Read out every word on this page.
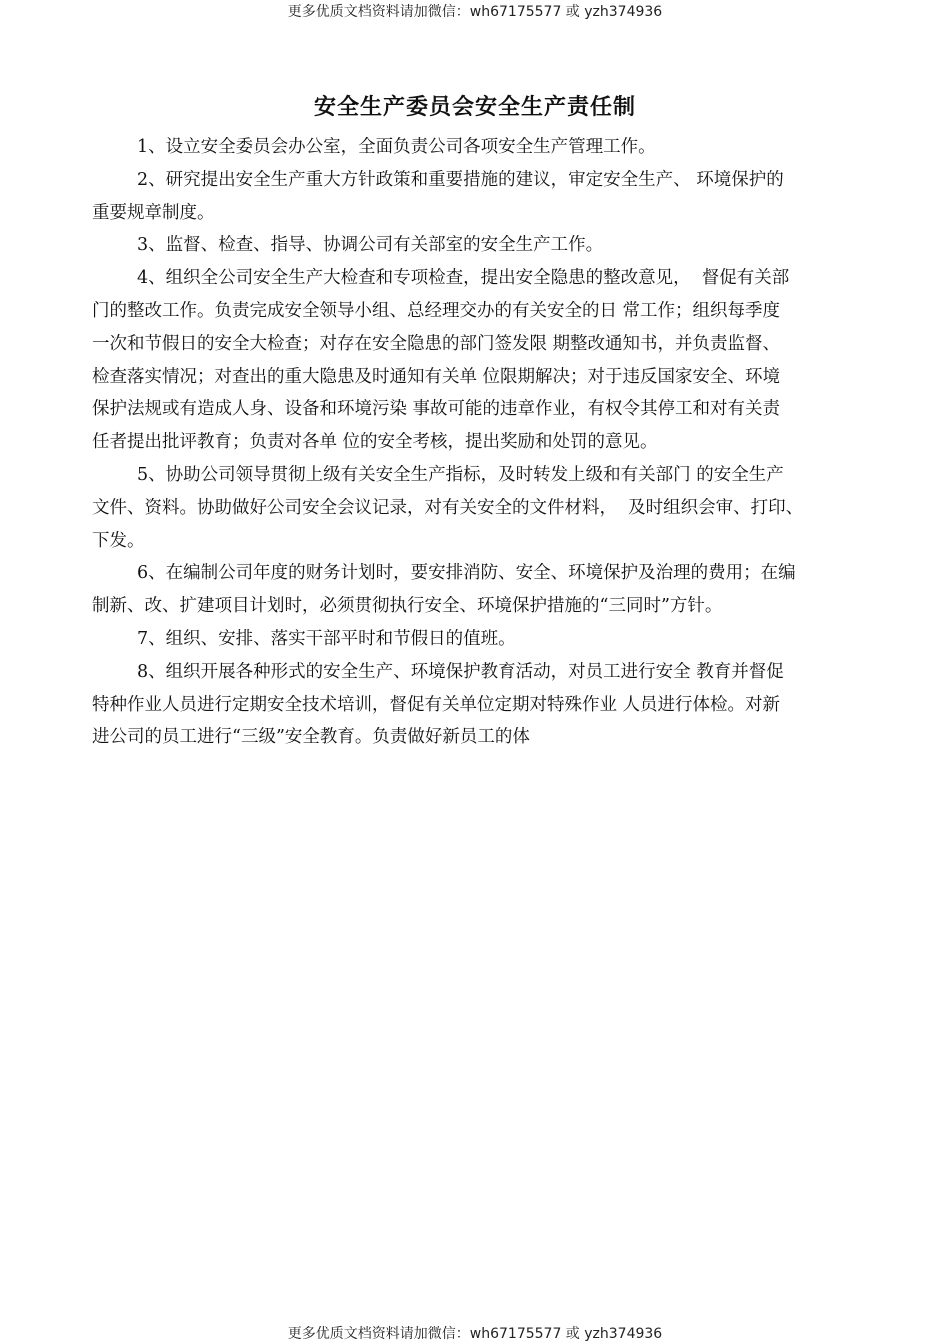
更多优质文档资料请加微信：wh67175577 或 yzh374936
安全生产委员会安全生产责任制
1、设立安全委员会办公室，全面负责公司各项安全生产管理工作。
2、研究提出安全生产重大方针政策和重要措施的建议，审定安全生产、 环境保护的
重要规章制度。
3、监督、检查、指导、协调公司有关部室的安全生产工作。
4、组织全公司安全生产大检查和专项检查，提出安全隐患的整改意见，  督促有关部
门的整改工作。负责完成安全领导小组、总经理交办的有关安全的日 常工作；组织每季度
一次和节假日的安全大检查；对存在安全隐患的部门签发限 期整改通知书，并负责监督、
检查落实情况；对查出的重大隐患及时通知有关单 位限期解决；对于违反国家安全、环境
保护法规或有造成人身、设备和环境污染 事故可能的违章作业，有权令其停工和对有关责
任者提出批评教育；负责对各单 位的安全考核，提出奖励和处罚的意见。
5、协助公司领导贯彻上级有关安全生产指标，及时转发上级和有关部门 的安全生产
文件、资料。协助做好公司安全会议记录，对有关安全的文件材料，  及时组织会审、打印、
下发。
6、在编制公司年度的财务计划时，要安排消防、安全、环境保护及治理的费用；在编
制新、改、扩建项目计划时，必须贯彻执行安全、环境保护措施的“三同时”方针。
7、组织、安排、落实干部平时和节假日的值班。
8、组织开展各种形式的安全生产、环境保护教育活动，对员工进行安全 教育并督促
特种作业人员进行定期安全技术培训，督促有关单位定期对特殊作业 人员进行体检。对新
进公司的员工进行“三级”安全教育。负责做好新员工的体
更多优质文档资料请加微信：wh67175577 或 yzh374936
